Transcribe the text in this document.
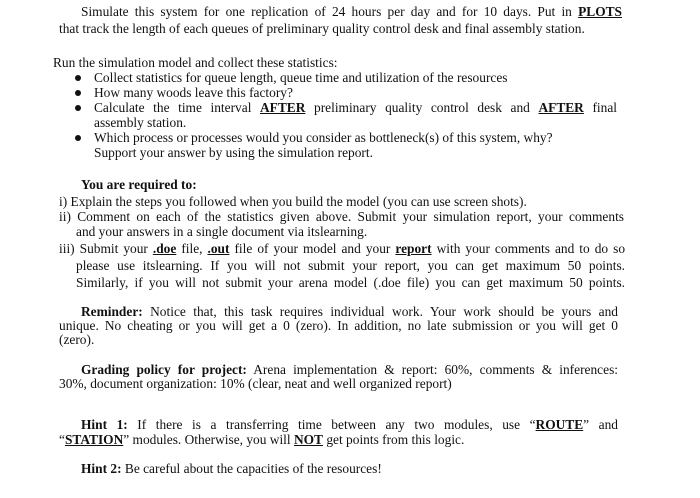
Simulate this system for one replication of 24 hours per day and for 10 days. Put in PLOTS
that track the length of each queues of preliminary quality control desk and final assembly station.
Run the simulation model and collect these statistics:
Collect statistics for queue length, queue time and utilization of the resources
How many woods leave this factory?
Calculate the time interval AFTER preliminary quality control desk and AFTER final
assembly station.
Which process or processes would you consider as bottleneck(s) of this system, why?
Support your answer by using the simulation report.
You are required to:
i) Explain the steps you followed when you build the model (you can use screen shots).
ii) Comment on each of the statistics given above. Submit your simulation report, your comments
and your answers in a single document via itslearning.
iii) Submit your .doe file, .out file of your model and your report with your comments and to do so
please use itslearning. If you will not submit your report, you can get maximum 50 points.
Similarly, if you will not submit your arena model (.doe file) you can get maximum 50 points.
Reminder: Notice that, this task requires individual work. Your work should be yours and
unique. No cheating or you will get a 0 (zero). In addition, no late submission or you will get 0
(zero).
Grading policy for project: Arena implementation & report: 60%, comments & inferences:
30%, document organization: 10% (clear, neat and well organized report)
Hint 1: If there is a transferring time between any two modules, use “ROUTE” and
“STATION” modules. Otherwise, you will NOT get points from this logic.
Hint 2: Be careful about the capacities of the resources!
